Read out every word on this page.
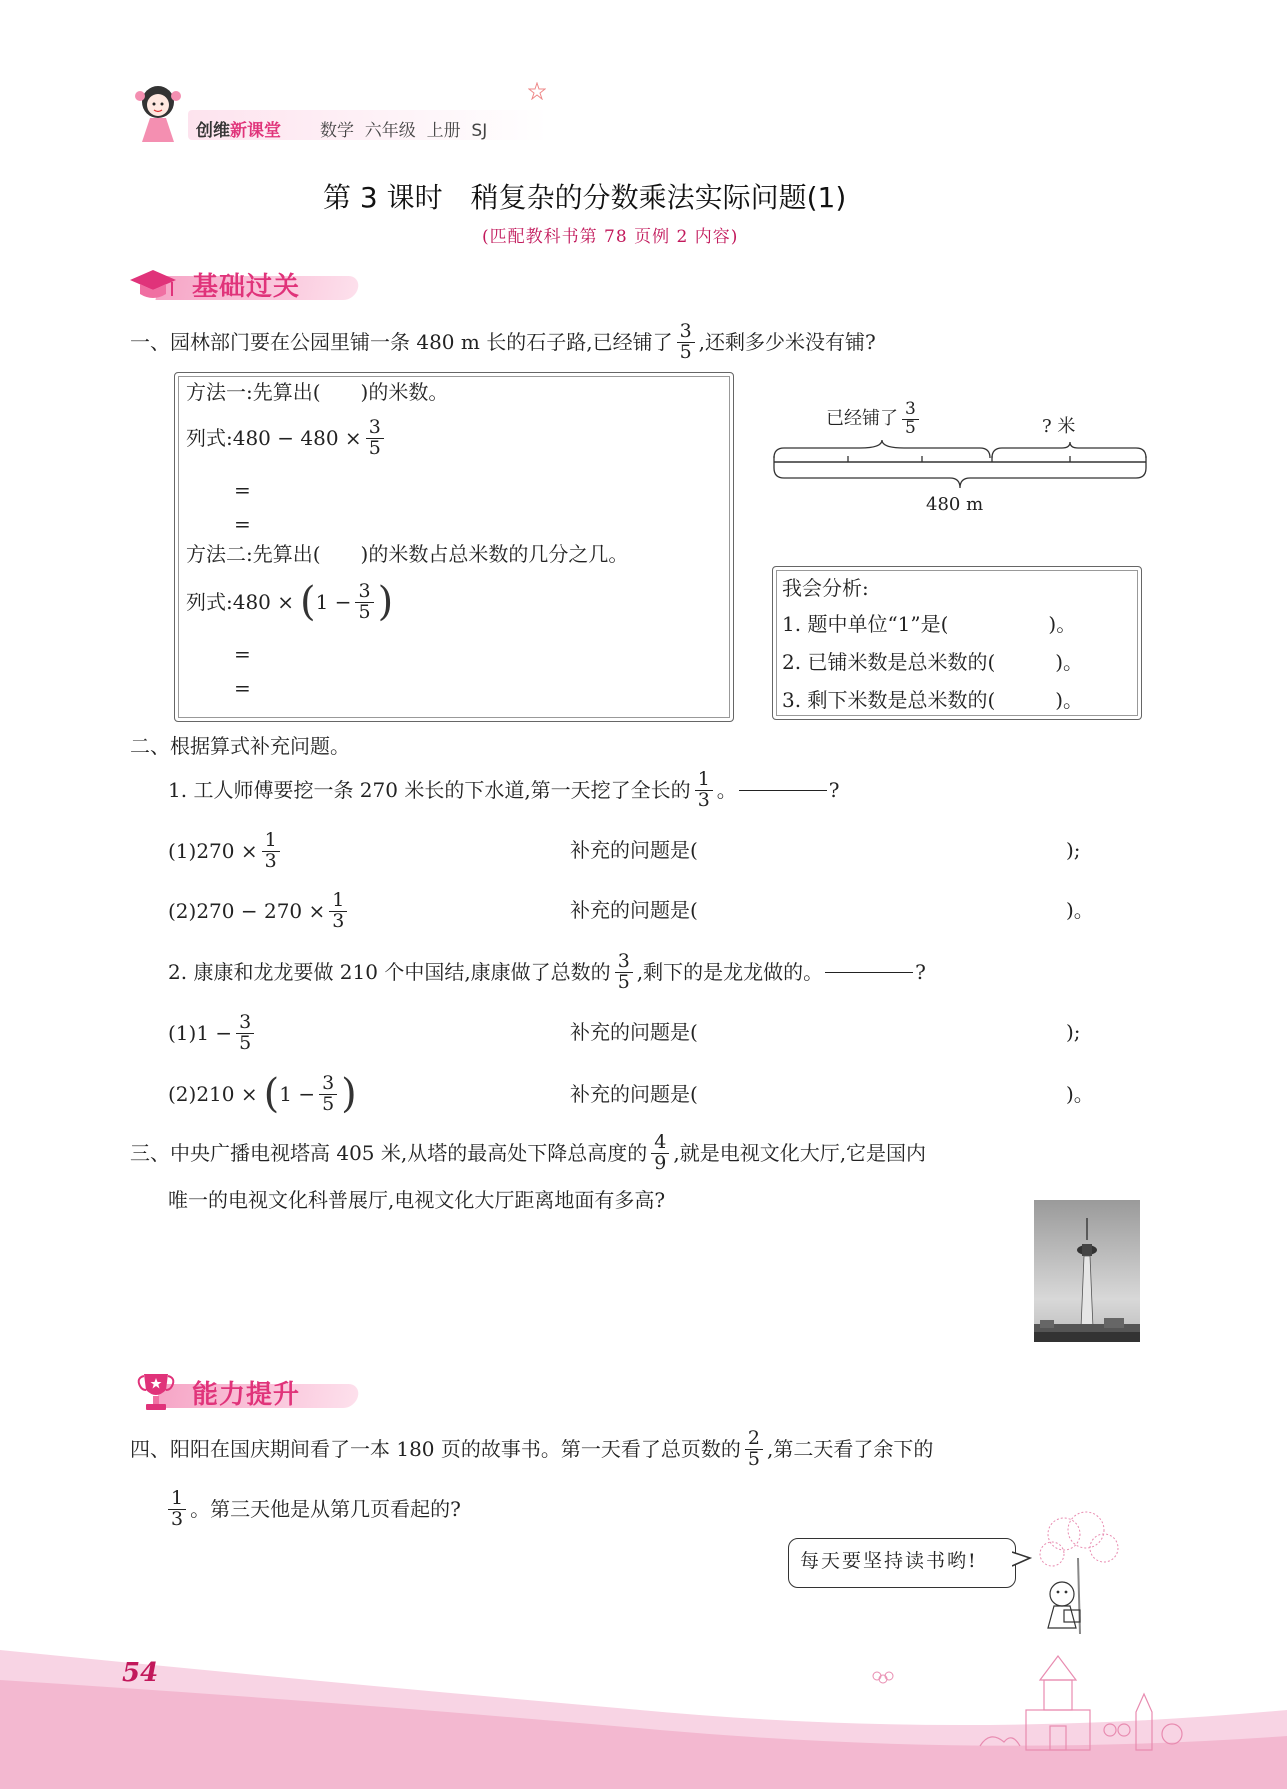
创维新课堂 数学  六年级  上册  SJ
第 3 课时　稍复杂的分数乘法实际问题(1)
(匹配教科书第 78 页例 2 内容)
基础过关
一、园林部门要在公园里铺一条 480 m 长的石子路,已经铺了 $\frac{3}{5}$ ,还剩多少米没有铺?
方法一:先算出(　　)的米数。
列式:480 − $480 \times \frac{3}{5}$
=
=
方法二:先算出(　　)的米数占总米数的几分之几。
列式:480 × ( $1 - \frac{3}{5}$ )
=
=
已经铺了 $\frac{3}{5}$	? 米
480 m
我会分析:
1. 题中单位“1”是(　　　　　)。
2. 已铺米数是总米数的(　　　)。
3. 剩下米数是总米数的(　　　)。
二、根据算式补充问题。
1. 工人师傅要挖一条 270 米长的下水道,第一天挖了全长的 $\frac{1}{3}$ 。	?
$(1)270 \times \frac{1}{3}$	补充的问题是(	);
$(2)270 - 270 \times \frac{1}{3}$	补充的问题是(	)。
2. 康康和龙龙要做 210 个中国结,康康做了总数的 $\frac{3}{5}$ ,剩下的是龙龙做的。	?
$(1)1 - \frac{3}{5}$	补充的问题是(	);
(2)210 × ( $1 - \frac{3}{5}$ )	补充的问题是(	)。
三、中央广播电视塔高 405 米,从塔的最高处下降总高度的 $\frac{4}{9}$ ,就是电视文化大厅,它是国内
唯一的电视文化科普展厅,电视文化大厅距离地面有多高?
能力提升
四、阳阳在国庆期间看了一本 180 页的故事书。第一天看了总页数的 $\frac{2}{5}$ ,第二天看了余下的
$\frac{1}{3}$ 。第三天他是从第几页看起的?
每天要坚持读书哟!
54
